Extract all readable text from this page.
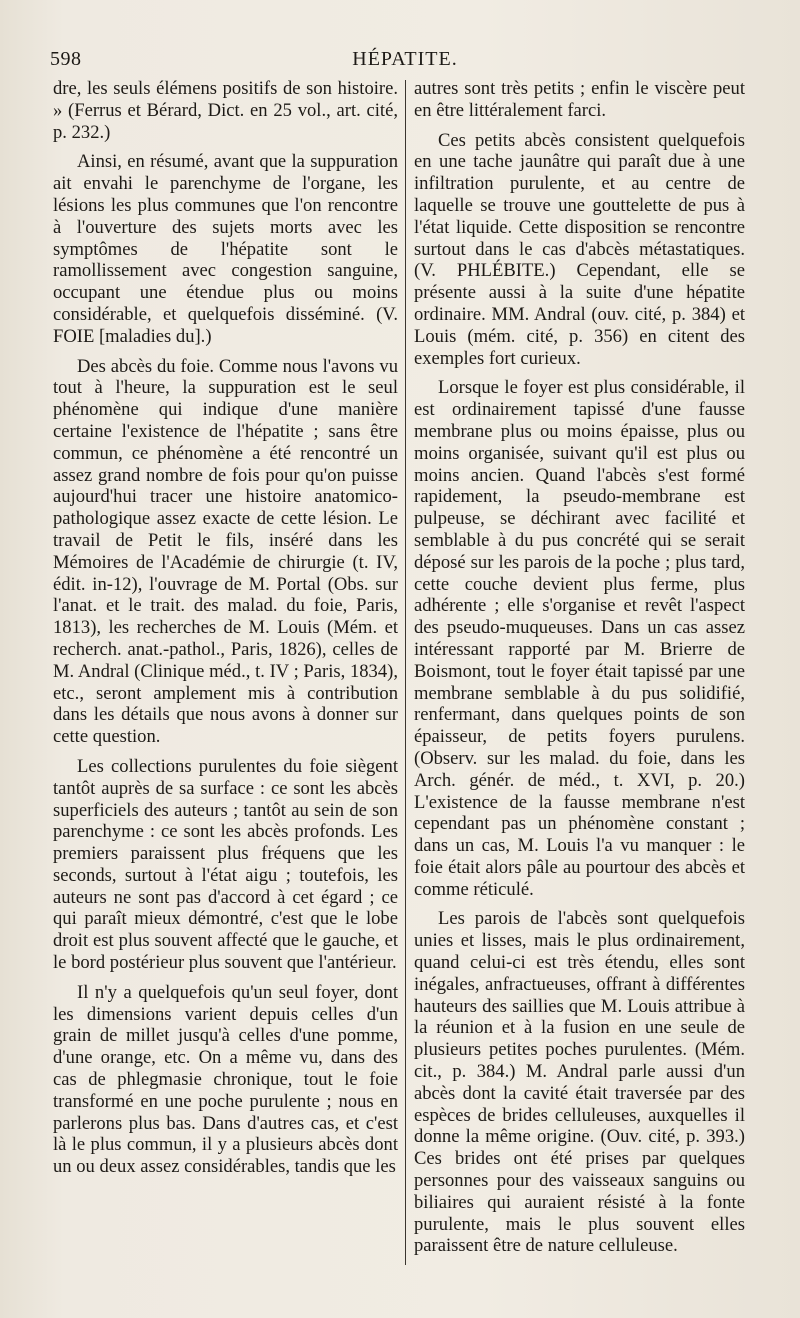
598	HÉPATITE.

dre, les seuls élémens positifs de son histoire. » (Ferrus et Bérard, Dict. en 25 vol., art. cité, p. 232.)

Ainsi, en résumé, avant que la suppuration ait envahi le parenchyme de l'organe, les lésions les plus communes que l'on rencontre à l'ouverture des sujets morts avec les symptômes de l'hépatite sont le ramollissement avec congestion sanguine, occupant une étendue plus ou moins considérable, et quelquefois disséminé. (V. FOIE [maladies du].)

Des abcès du foie. Comme nous l'avons vu tout à l'heure, la suppuration est le seul phénomène qui indique d'une manière certaine l'existence de l'hépatite ; sans être commun, ce phénomène a été rencontré un assez grand nombre de fois pour qu'on puisse aujourd'hui tracer une histoire anatomico-pathologique assez exacte de cette lésion. Le travail de Petit le fils, inséré dans les Mémoires de l'Académie de chirurgie (t. IV, édit. in-12), l'ouvrage de M. Portal (Obs. sur l'anat. et le trait. des malad. du foie, Paris, 1813), les recherches de M. Louis (Mém. et recherch. anat.-pathol., Paris, 1826), celles de M. Andral (Clinique méd., t. IV ; Paris, 1834), etc., seront amplement mis à contribution dans les détails que nous avons à donner sur cette question.

Les collections purulentes du foie siègent tantôt auprès de sa surface : ce sont les abcès superficiels des auteurs ; tantôt au sein de son parenchyme : ce sont les abcès profonds. Les premiers paraissent plus fréquens que les seconds, surtout à l'état aigu ; toutefois, les auteurs ne sont pas d'accord à cet égard ; ce qui paraît mieux démontré, c'est que le lobe droit est plus souvent affecté que le gauche, et le bord postérieur plus souvent que l'antérieur.

Il n'y a quelquefois qu'un seul foyer, dont les dimensions varient depuis celles d'un grain de millet jusqu'à celles d'une pomme, d'une orange, etc. On a même vu, dans des cas de phlegmasie chronique, tout le foie transformé en une poche purulente ; nous en parlerons plus bas. Dans d'autres cas, et c'est là le plus commun, il y a plusieurs abcès dont un ou deux assez considérables, tandis que les

autres sont très petits ; enfin le viscère peut en être littéralement farci.

Ces petits abcès consistent quelquefois en une tache jaunâtre qui paraît due à une infiltration purulente, et au centre de laquelle se trouve une gouttelette de pus à l'état liquide. Cette disposition se rencontre surtout dans le cas d'abcès métastatiques. (V. PHLÉBITE.) Cependant, elle se présente aussi à la suite d'une hépatite ordinaire. MM. Andral (ouv. cité, p. 384) et Louis (mém. cité, p. 356) en citent des exemples fort curieux.

Lorsque le foyer est plus considérable, il est ordinairement tapissé d'une fausse membrane plus ou moins épaisse, plus ou moins organisée, suivant qu'il est plus ou moins ancien. Quand l'abcès s'est formé rapidement, la pseudo-membrane est pulpeuse, se déchirant avec facilité et semblable à du pus concrété qui se serait déposé sur les parois de la poche ; plus tard, cette couche devient plus ferme, plus adhérente ; elle s'organise et revêt l'aspect des pseudo-muqueuses. Dans un cas assez intéressant rapporté par M. Brierre de Boismont, tout le foyer était tapissé par une membrane semblable à du pus solidifié, renfermant, dans quelques points de son épaisseur, de petits foyers purulens. (Observ. sur les malad. du foie, dans les Arch. génér. de méd., t. XVI, p. 20.) L'existence de la fausse membrane n'est cependant pas un phénomène constant ; dans un cas, M. Louis l'a vu manquer : le foie était alors pâle au pourtour des abcès et comme réticulé.

Les parois de l'abcès sont quelquefois unies et lisses, mais le plus ordinairement, quand celui-ci est très étendu, elles sont inégales, anfractueuses, offrant à différentes hauteurs des saillies que M. Louis attribue à la réunion et à la fusion en une seule de plusieurs petites poches purulentes. (Mém. cit., p. 384.) M. Andral parle aussi d'un abcès dont la cavité était traversée par des espèces de brides celluleuses, auxquelles il donne la même origine. (Ouv. cité, p. 393.) Ces brides ont été prises par quelques personnes pour des vaisseaux sanguins ou biliaires qui auraient résisté à la fonte purulente, mais le plus souvent elles paraissent être de nature celluleuse.
